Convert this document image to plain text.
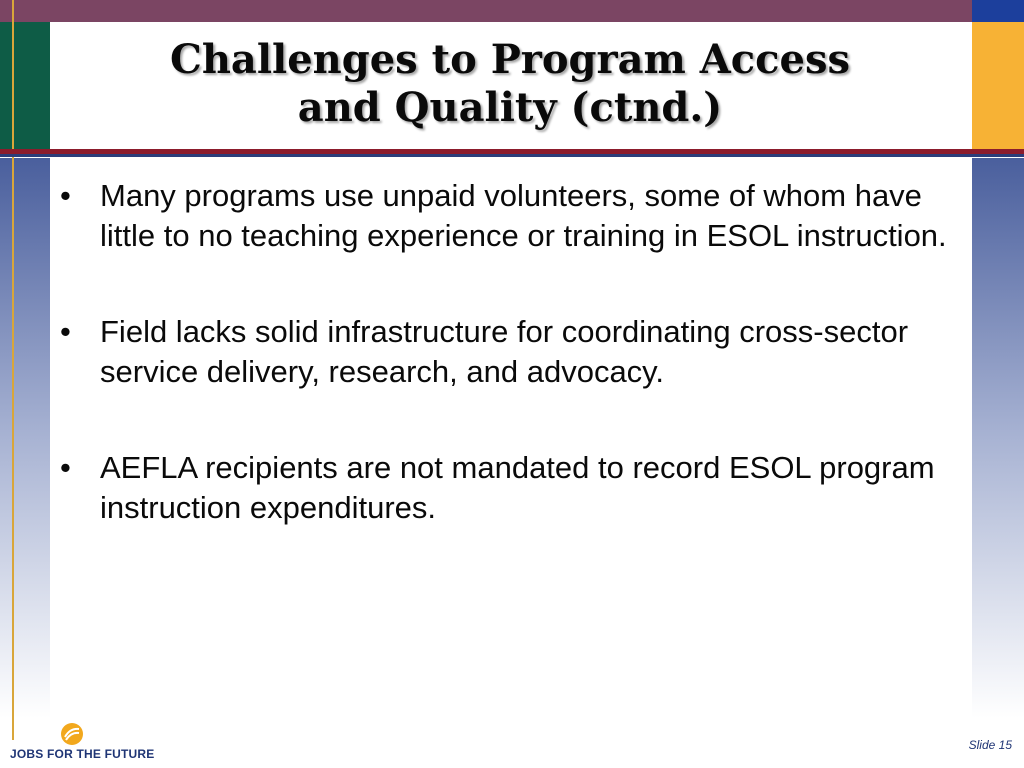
Challenges to Program Access
and Quality (ctnd.)
• Many programs use unpaid volunteers, some of whom have little to no teaching experience or training in ESOL instruction.
• Field lacks solid infrastructure for coordinating cross-sector service delivery, research, and advocacy.
• AEFLA recipients are not mandated to record ESOL program instruction expenditures.
JOBS FOR THE FUTURE
Slide 15
